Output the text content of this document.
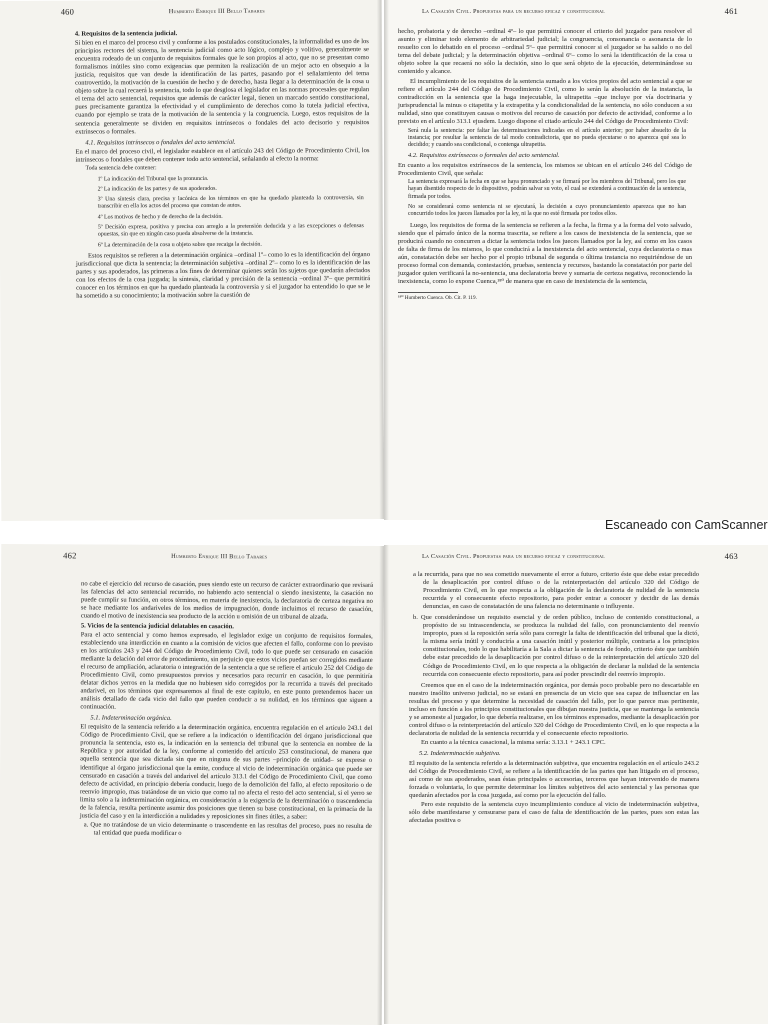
460	Humberto Enrique III Bello Tabares

4. Requisitos de la sentencia judicial.

Si bien en el marco del proceso civil y conforme a los postulados constitucionales, la informalidad es uno de los principios rectores del sistema, la sentencia judicial como acto lógico, complejo y volitivo, generalmente se encuentra rodeado de un conjunto de requisitos formales que le son propios al acto, que no se presentan como formalismos inútiles sino como exigencias que permiten la realización de un mejor acto en obsequio a la justicia, requisitos que van desde la identificación de las partes, pasando por el señalamiento del tema controvertido, la motivación de la cuestión de hecho y de derecho, hasta llegar a la determinación de la cosa u objeto sobre la cual recaerá la sentencia, todo lo que desglosa el legislador en las normas procesales que regulan el tema del acto sentencial, requisitos que además de carácter legal, tienen un marcado sentido constitucional, pues precisamente garantiza la efectividad y el cumplimiento de derechos como la tutela judicial efectiva, cuando por ejemplo se trata de la motivación de la sentencia y la congruencia. Luego, estos requisitos de la sentencia generalmente se dividen en requisitos intrínsecos o fondales del acto decisorio y requisitos extrínsecos o formales.

4.1. Requisitos intrínsecos o fondales del acto sentencial.

En el marco del proceso civil, el legislador establece en el artículo 243 del Código de Procedimiento Civil, los intrínsecos o fondales que deben contener todo acto sentencial, señalando al efecto la norma:

Toda sentencia debe contener:

1º La indicación del Tribunal que la pronuncia.

2º La indicación de las partes y de sus apoderados.

3º Una síntesis clara, precisa y lacónica de los términos en que ha quedado planteada la controversia, sin transcribir en ella los actos del proceso que constan de autos.

4º Los motivos de hecho y de derecho de la decisión.

5º Decisión expresa, positiva y precisa con arreglo a la pretensión deducida y a las excepciones o defensas opuestas, sin que en ningún caso pueda absolverse de la instancia.

6º La determinación de la cosa u objeto sobre que recaiga la decisión.

Estos requisitos se refieren a la determinación orgánica –ordinal 1º– como lo es la identificación del órgano jurisdiccional que dicta la sentencia; la determinación subjetiva –ordinal 2º– como lo es la identificación de las partes y sus apoderados, las primeras a los fines de determinar quienes serán los sujetos que quedarán afectados con los efectos de la cosa juzgada; la síntesis, claridad y precisión de la sentencia –ordinal 3º– que permitirá conocer en los términos en que ha quedado planteada la controversia y si el juzgador ha entendido lo que se le ha sometido a su conocimiento; la motivación sobre la cuestión de

La Casación Civil. Propuestas para un recurso eficaz y constitucional	461

hecho, probatoria y de derecho –ordinal 4º– lo que permitirá conocer el criterio del juzgador para resolver el asunto y eliminar todo elemento de arbitrariedad judicial; la congruencia, consonancia o asonancia de lo resuelto con lo debatido en el proceso –ordinal 5º– que permitirá conocer si el juzgador se ha salido o no del tema del debate judicial; y la determinación objetiva –ordinal 6º– como lo será la identificación de la cosa u objeto sobre la que recaerá no sólo la decisión, sino lo que será objeto de la ejecución, determinándose su contenido y alcance.

El incumplimiento de los requisitos de la sentencia sumado a los vicios propios del acto sentencial a que se refiere el artículo 244 del Código de Procedimiento Civil, como lo serán la absolución de la instancia, la contradicción en la sentencia que la haga inejecutable, la ultrapetita –que incluye por vía doctrinaria y jurisprudencial la minus o citapetita y la extrapetita y la condicionalidad de la sentencia, no sólo conducen a su nulidad, sino que constituyen causas o motivos del recurso de casación por defecto de actividad, conforme a lo previsto en el artículo 313.1 ejusdem. Luego dispone el citado artículo 244 del Código de Procedimiento Civil:

Será nula la sentencia: por faltar las determinaciones indicadas en el artículo anterior; por haber absuelto de la instancia; por resultar la sentencia de tal modo contradictoria, que no pueda ejecutarse o no aparezca qué sea lo decidido; y cuando sea condicional, o contenga ultrapetita.

4.2. Requisitos extrínsecos o formales del acto sentencial.

En cuanto a los requisitos extrínsecos de la sentencia, los mismos se ubican en el artículo 246 del Código de Procedimiento Civil, que señala:

La sentencia expresará la fecha en que se haya pronunciado y se firmará por los miembros del Tribunal, pero los que hayan disentido respecto de lo dispositivo, podrán salvar su voto, el cual se extenderá a continuación de la sentencia, firmada por todos.

No se considerará como sentencia ni se ejecutará, la decisión a cuyo pronunciamiento aparezca que no han concurrido todos los jueces llamados por la ley, ni la que no esté firmada por todos ellos.

Luego, los requisitos de forma de la sentencia se refieren a la fecha, la firma y a la forma del voto salvado, siendo que el párrafo único de la norma trascrita, se refiere a los casos de inexistencia de la sentencia, que se producirá cuando no concurren a dictar la sentencia todos los jueces llamados por la ley, así como en los casos de falta de firma de los mismos, lo que conducirá a la inexistencia del acto sentencial, cuya declaratoria o mas aún, constatación debe ser hecho por el propio tribunal de segunda o última instancia no requiriéndose de un proceso formal con demanda, contestación, pruebas, sentencia y recursos, bastando la constatación por parte del juzgador quien verificará la no-sentencia, una declaratoria breve y sumaria de certeza negativa, reconociendo la inexistencia, como lo expone Cuenca,¹⁸⁰ de manera que en caso de inexistencia de la sentencia,

¹⁸⁰ Humberto Cuenca. Ob. Cit. P. 119.

462	Humberto Enrique III Bello Tabares

no cabe el ejercicio del recurso de casación, pues siendo este un recurso de carácter extraordinario que revisará las falencias del acto sentencial recurrido, no habiendo acto sentencial o siendo inexistente, la casación no puede cumplir su función, en otros términos, en materia de inexistencia, la declaratoria de certeza negativa no se hace mediante los andariveles de los medios de impugnación, donde incluimos el recurso de casación, cuando el motivo de inexistencia sea producto de la acción u omisión de un tribunal de alzada.

5. Vicios de la sentencia judicial delatables en casación.

Para el acto sentencial y como hemos expresado, el legislador exige un conjunto de requisitos formales, estableciendo una interdicción en cuanto a la comisión de vicios que afecten el fallo, conforme con lo previsto en los artículos 243 y 244 del Código de Procedimiento Civil, todo lo que puede ser censurado en casación mediante la delación del error de procedimiento, sin perjuicio que estos vicios puedan ser corregidos mediante el recurso de ampliación, aclaratoria o integración de la sentencia a que se refiere el artículo 252 del Código de Procedimiento Civil, como presupuestos previos y necesarios para recurrir en casación, lo que permitiría delatar dichos yerros en la medida que no hubiesen sido corregidos por la recurrida a través del precitado andarivel, en los términos que expresaremos al final de este capítulo, en este punto pretendemos hacer un análisis detallado de cada vicio del fallo que pueden conducir a su nulidad, en los términos que siguen a continuación.

5.1. Indeterminación orgánica.

El requisito de la sentencia referido a la determinación orgánica, encuentra regulación en el artículo 243.1 del Código de Procedimiento Civil, que se refiere a la indicación o identificación del órgano jurisdiccional que pronuncia la sentencia, esto es, la indicación en la sentencia del tribunal que la sentencia en nombre de la República y por autoridad de la ley, conforme al contenido del artículo 253 constitucional, de manera que aquella sentencia que sea dictada sin que en ninguna de sus partes –principio de unidad– se exprese o identifique al órgano jurisdiccional que la emite, conduce al vicio de indeterminación orgánica que puede ser censurado en casación a través del andarivel del artículo 313.1 del Código de Procedimiento Civil, que como defecto de actividad, en principio debería conducir, luego de la demolición del fallo, al efecto repositorio o de reenvío impropio, mas tratándose de un vicio que como tal no afecta el resto del acto sentencial, si el yerro se limita solo a la indeterminación orgánica, en consideración a la exigencia de la determinación o trascendencia de la falencia, resulta pertinente asumir dos posiciones que tienen su base constitucional, en la primacía de la justicia del caso y en la interdicción a nulidades y reposiciones sin fines útiles, a saber:

a. Que no tratándose de un vicio determinante o trascendente en las resultas del proceso, pues no resulta de tal entidad que pueda modificar o

La Casación Civil. Propuestas para un recurso eficaz y constitucional	463

a la recurrida, para que no sea cometido nuevamente el error a futuro, criterio éste que debe estar precedido de la desaplicación por control difuso o de la reinterpretación del artículo 320 del Código de Procedimiento Civil, en lo que respecta a la obligación de la declaratoria de nulidad de la sentencia recurrida y el consecuente efecto repositorio, para poder entrar a conocer y decidir de las demás denuncias, en caso de constatación de una falencia no determinante o influyente.

b. Que considerándose un requisito esencial y de orden público, incluso de contenido constitucional, a propósito de su intrascendencia, se produzca la nulidad del fallo, con pronunciamiento del reenvío impropio, pues si la reposición sería sólo para corregir la falta de identificación del tribunal que la dictó, la misma sería inútil y conduciría a una casación inútil y posterior múltiple, contraria a los principios constitucionales, todo lo que habilitaría a la Sala a dictar la sentencia de fondo, criterio éste que también debe estar precedido de la desaplicación por control difuso o de la reinterpretación del artículo 320 del Código de Procedimiento Civil, en lo que respecta a la obligación de declarar la nulidad de la sentencia recurrida con consecuente efecto repositorio, para así poder prescindir del reenvío impropio.

Creemos que en el caso de la indeterminación orgánica, por demás poco probable pero no descartable en nuestro insólito universo judicial, no se estará en presencia de un vicio que sea capaz de influenciar en las resultas del proceso y que determine la necesidad de casación del fallo, por lo que parece mas pertinente, incluso en función a los principios constitucionales que dibujan nuestra justicia, que se mantenga la sentencia y se amoneste al juzgador, lo que debería realizarse, en los términos expresados, mediante la desaplicación por control difuso o la reinterpretación del artículo 320 del Código de Procedimiento Civil, en lo que respecta a la declaratoria de nulidad de la sentencia recurrida y el consecuente efecto repositorio.

En cuanto a la técnica casacional, la misma sería: 3.13.1 + 243.1 CPC.

5.2. Indeterminación subjetiva.

El requisito de la sentencia referido a la determinación subjetiva, que encuentra regulación en el artículo 243.2 del Código de Procedimiento Civil, se refiere a la identificación de las partes que han litigado en el proceso, así como de sus apoderados, sean éstas principales o accesorias, terceros que hayan intervenido de manera forzada o voluntaria, lo que permite determinar los límites subjetivos del acto sentencial y las personas que quedarán afectados por la cosa juzgada, así como por la ejecución del fallo.

Pero este requisito de la sentencia cuyo incumplimiento conduce al vicio de indeterminación subjetiva, sólo debe manifestarse y censurarse para el caso de falta de identificación de las partes, pues son estas las afectadas positiva o

Escaneado con CamScanner
